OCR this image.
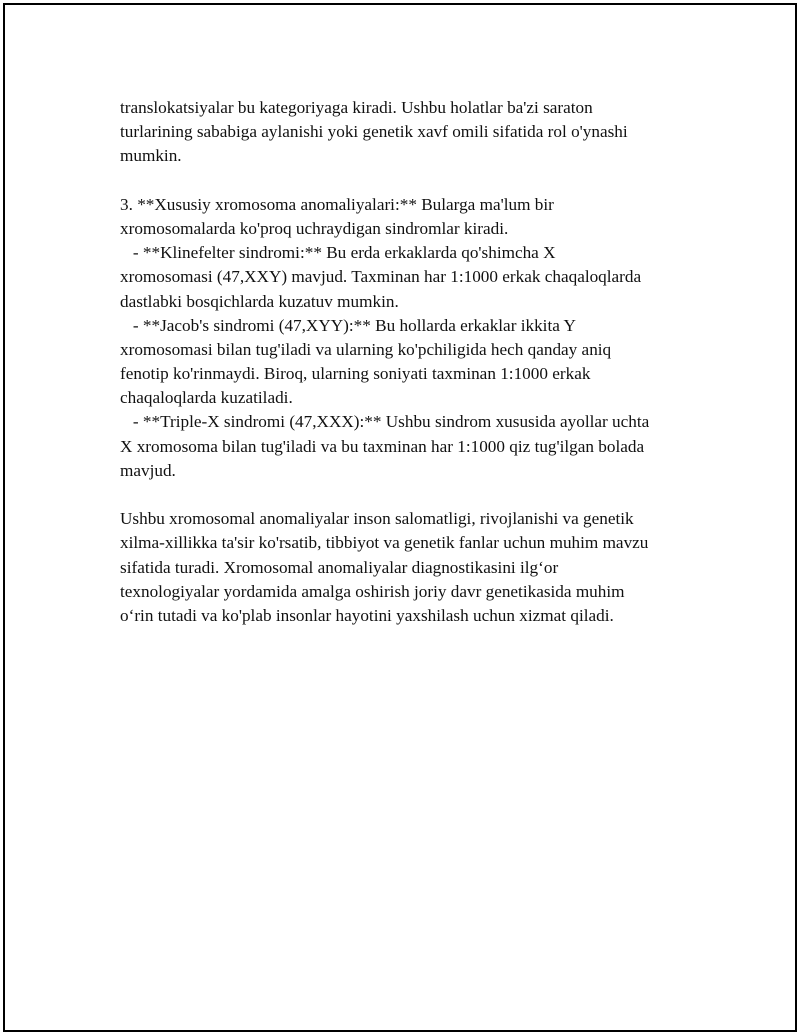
translokatsiyalar bu kategoriyaga kiradi. Ushbu holatlar ba'zi saraton
turlarining sababiga aylanishi yoki genetik xavf omili sifatida rol o'ynashi
mumkin.
3. **Xususiy xromosoma anomaliyalari:** Bularga ma'lum bir
xromosomalarda ko'proq uchraydigan sindromlar kiradi.
- **Klinefelter sindromi:** Bu erda erkaklarda qo'shimcha X
xromosomasi (47,XXY) mavjud. Taxminan har 1:1000 erkak chaqaloqlarda
dastlabki bosqichlarda kuzatuv mumkin.
- **Jacob's sindromi (47,XYY):** Bu hollarda erkaklar ikkita Y
xromosomasi bilan tug'iladi va ularning ko'pchiligida hech qanday aniq
fenotip ko'rinmaydi. Biroq, ularning soniyati taxminan 1:1000 erkak
chaqaloqlarda kuzatiladi.
- **Triple-X sindromi (47,XXX):** Ushbu sindrom xususida ayollar uchta
X xromosoma bilan tug'iladi va bu taxminan har 1:1000 qiz tug'ilgan bolada
mavjud.
Ushbu xromosomal anomaliyalar inson salomatligi, rivojlanishi va genetik
xilma-xillikka ta'sir ko'rsatib, tibbiyot va genetik fanlar uchun muhim mavzu
sifatida turadi. Xromosomal anomaliyalar diagnostikasini ilg‘or
texnologiyalar yordamida amalga oshirish joriy davr genetikasida muhim
o‘rin tutadi va ko'plab insonlar hayotini yaxshilash uchun xizmat qiladi.
